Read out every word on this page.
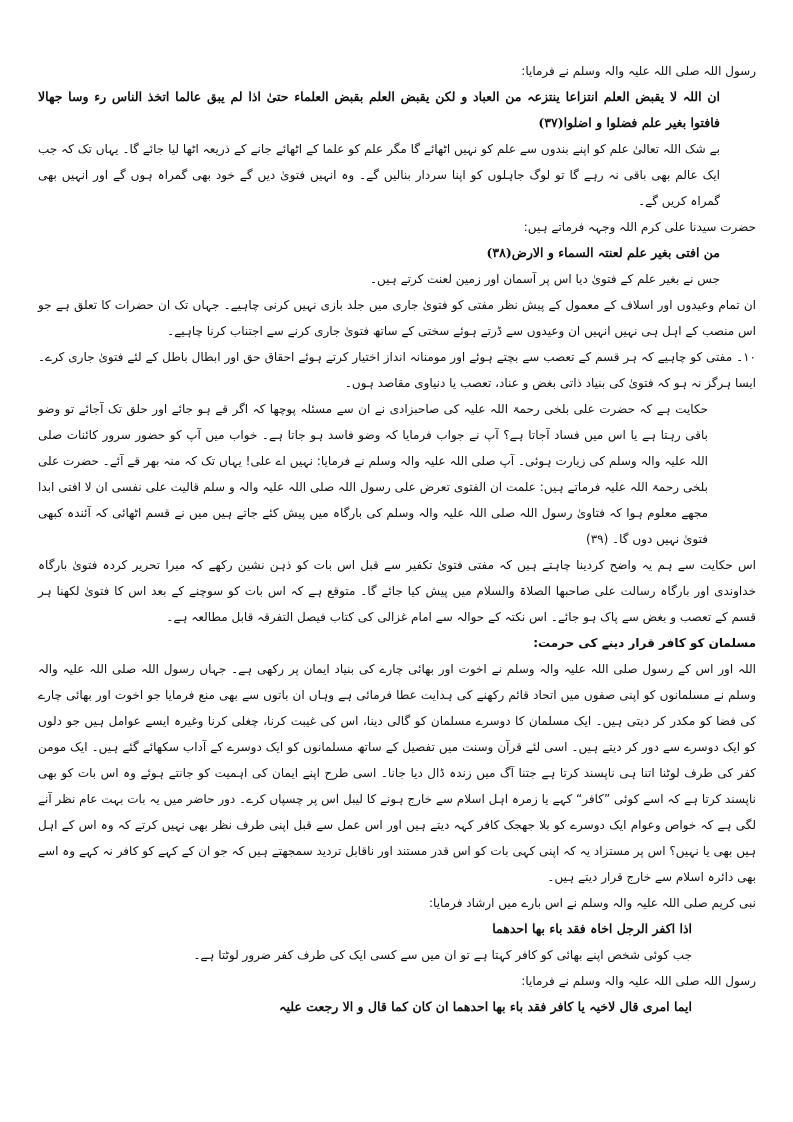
رسول اللہ صلی اللہ علیہ والہ وسلم نے فرمایا:

ان اللہ لا یقبض العلم انتزاعا ینتزعہ من العباد و لکن یقبض العلم بقبض العلماء حتیٰ اذا لم یبق عالما اتخذ الناس رء وسا جھالا فافتوا بغیر علم فضلوا و اضلوا(۳۷)

بے شک اللہ تعالیٰ علم کو اپنے بندوں سے علم کو نہیں اٹھائے گا مگر علم کو علما کے اٹھائے جانے کے ذریعہ اٹھا لیا جائے گا۔ یہاں تک کہ جب ایک عالم بھی باقی نہ رہے گا تو لوگ جاہلوں کو اپنا سردار بنالیں گے۔ وہ انہیں فتویٰ دیں گے خود بھی گمراہ ہوں گے اور انہیں بھی گمراہ کریں گے۔

حضرت سیدنا علی کرم اللہ وجہہ فرماتے ہیں:

من افتی بغیر علم لعنتہ السماء و الارض(۳۸)

جس نے بغیر علم کے فتویٰ دیا اس پر آسمان اور زمین لعنت کرتے ہیں۔

ان تمام وعیدوں اور اسلاف کے معمول کے پیش نظر مفتی کو فتویٰ جاری میں جلد بازی نہیں کرنی چاہیے۔ جہاں تک ان حضرات کا تعلق ہے جو اس منصب کے اہل ہی نہیں انہیں ان وعیدوں سے ڈرتے ہوئے سختی کے ساتھ فتویٰ جاری کرنے سے اجتناب کرنا چاہیے۔

۱۰۔ مفتی کو چاہیے کہ ہر قسم کے تعصب سے بچتے ہوئے اور مومنانہ انداز اختیار کرتے ہوئے احقاق حق اور ابطال باطل کے لئے فتویٰ جاری کرے۔ ایسا ہرگز نہ ہو کہ فتویٰ کی بنیاد ذاتی بغض و عناد، تعصب یا دنیاوی مقاصد ہوں۔

حکایت ہے کہ حضرت علی بلخی رحمۃ اللہ علیہ کی صاحبزادی نے ان سے مسئلہ پوچھا کہ اگر قے ہو جائے اور حلق تک آجائے تو وضو باقی رہتا ہے یا اس میں فساد آجاتا ہے؟ آپ نے جواب فرمایا کہ وضو فاسد ہو جاتا ہے۔ خواب میں آپ کو حضور سرور کائنات صلی اللہ علیہ والہ وسلم کی زیارت ہوئی۔ آپ صلی اللہ علیہ والہ وسلم نے فرمایا: نہیں اے علی! یہاں تک کہ منہ بھر قے آئے۔ حضرت علی بلخی رحمۃ اللہ علیہ فرماتے ہیں: علمت ان الفتوی تعرض علی رسول اللہ صلی اللہ علیہ والہ و سلم قالیت علی نفسی ان لا افتی ابدا مجھے معلوم ہوا کہ فتاویٰ رسول اللہ صلی اللہ علیہ والہ وسلم کی بارگاہ میں پیش کئے جاتے ہیں میں نے قسم اٹھائی کہ آئندہ کبھی فتویٰ نہیں دوں گا۔ (۳۹)

اس حکایت سے ہم یہ واضح کردینا چاہتے ہیں کہ مفتی فتویٰ تکفیر سے قبل اس بات کو ذہن نشین رکھے کہ میرا تحریر کردہ فتویٰ بارگاہ خداوندی اور بارگاہ رسالت علی صاحبھا الصلاۃ والسلام میں پیش کیا جائے گا۔ متوقع ہے کہ اس بات کو سوچنے کے بعد اس کا فتویٰ لکھنا ہر قسم کے تعصب و بغض سے پاک ہو جائے۔ اس نکتہ کے حوالہ سے امام غزالی کی کتاب فیصل التفرقہ قابل مطالعہ ہے۔

مسلمان کو کافر قرار دینے کی حرمت:

اللہ اور اس کے رسول صلی اللہ علیہ والہ وسلم نے اخوت اور بھائی چارے کی بنیاد ایمان پر رکھی ہے۔ جہاں رسول اللہ صلی اللہ علیہ والہ وسلم نے مسلمانوں کو اپنی صفوں میں اتحاد قائم رکھنے کی ہدایت عطا فرمائی ہے وہاں ان باتوں سے بھی منع فرمایا جو اخوت اور بھائی چارے کی فضا کو مکدر کر دیتی ہیں۔ ایک مسلمان کا دوسرے مسلمان کو گالی دینا، اس کی غیبت کرنا، چغلی کرنا وغیرہ ایسے عوامل ہیں جو دلوں کو ایک دوسرے سے دور کر دیتے ہیں۔ اسی لئے قرآن وسنت میں تفصیل کے ساتھ مسلمانوں کو ایک دوسرے کے آداب سکھائے گئے ہیں۔ ایک مومن کفر کی طرف لوٹنا اتنا ہی ناپسند کرتا ہے جتنا آگ میں زندہ ڈال دیا جانا۔ اسی طرح اپنے ایمان کی اہمیت کو جانتے ہوئے وہ اس بات کو بھی ناپسند کرتا ہے کہ اسے کوئی ”کافر“ کہے یا زمرہ اہل اسلام سے خارج ہونے کا لیبل اس پر چسپاں کرے۔ دور حاضر میں یہ بات بہت عام نظر آنے لگی ہے کہ خواص وعوام ایک دوسرے کو بلا جھجک کافر کہہ دیتے ہیں اور اس عمل سے قبل اپنی طرف نظر بھی نہیں کرتے کہ وہ اس کے اہل ہیں بھی یا نہیں؟ اس پر مستزاد یہ کہ اپنی کہی بات کو اس قدر مستند اور ناقابل تردید سمجھتے ہیں کہ جو ان کے کہے کو کافر نہ کہے وہ اسے بھی دائرہ اسلام سے خارج قرار دیتے ہیں۔

نبی کریم صلی اللہ علیہ والہ وسلم نے اس بارے میں ارشاد فرمایا:

اذا اکفر الرجل اخاہ فقد باء بھا احدھما

جب کوئی شخص اپنے بھائی کو کافر کہتا ہے تو ان میں سے کسی ایک کی طرف کفر ضرور لوٹتا ہے۔

رسول اللہ صلی اللہ علیہ والہ وسلم نے فرمایا:

ایما امری قال لاخیہ یا کافر فقد باء بھا احدھما ان کان کما قال و الا رجعت علیہ
